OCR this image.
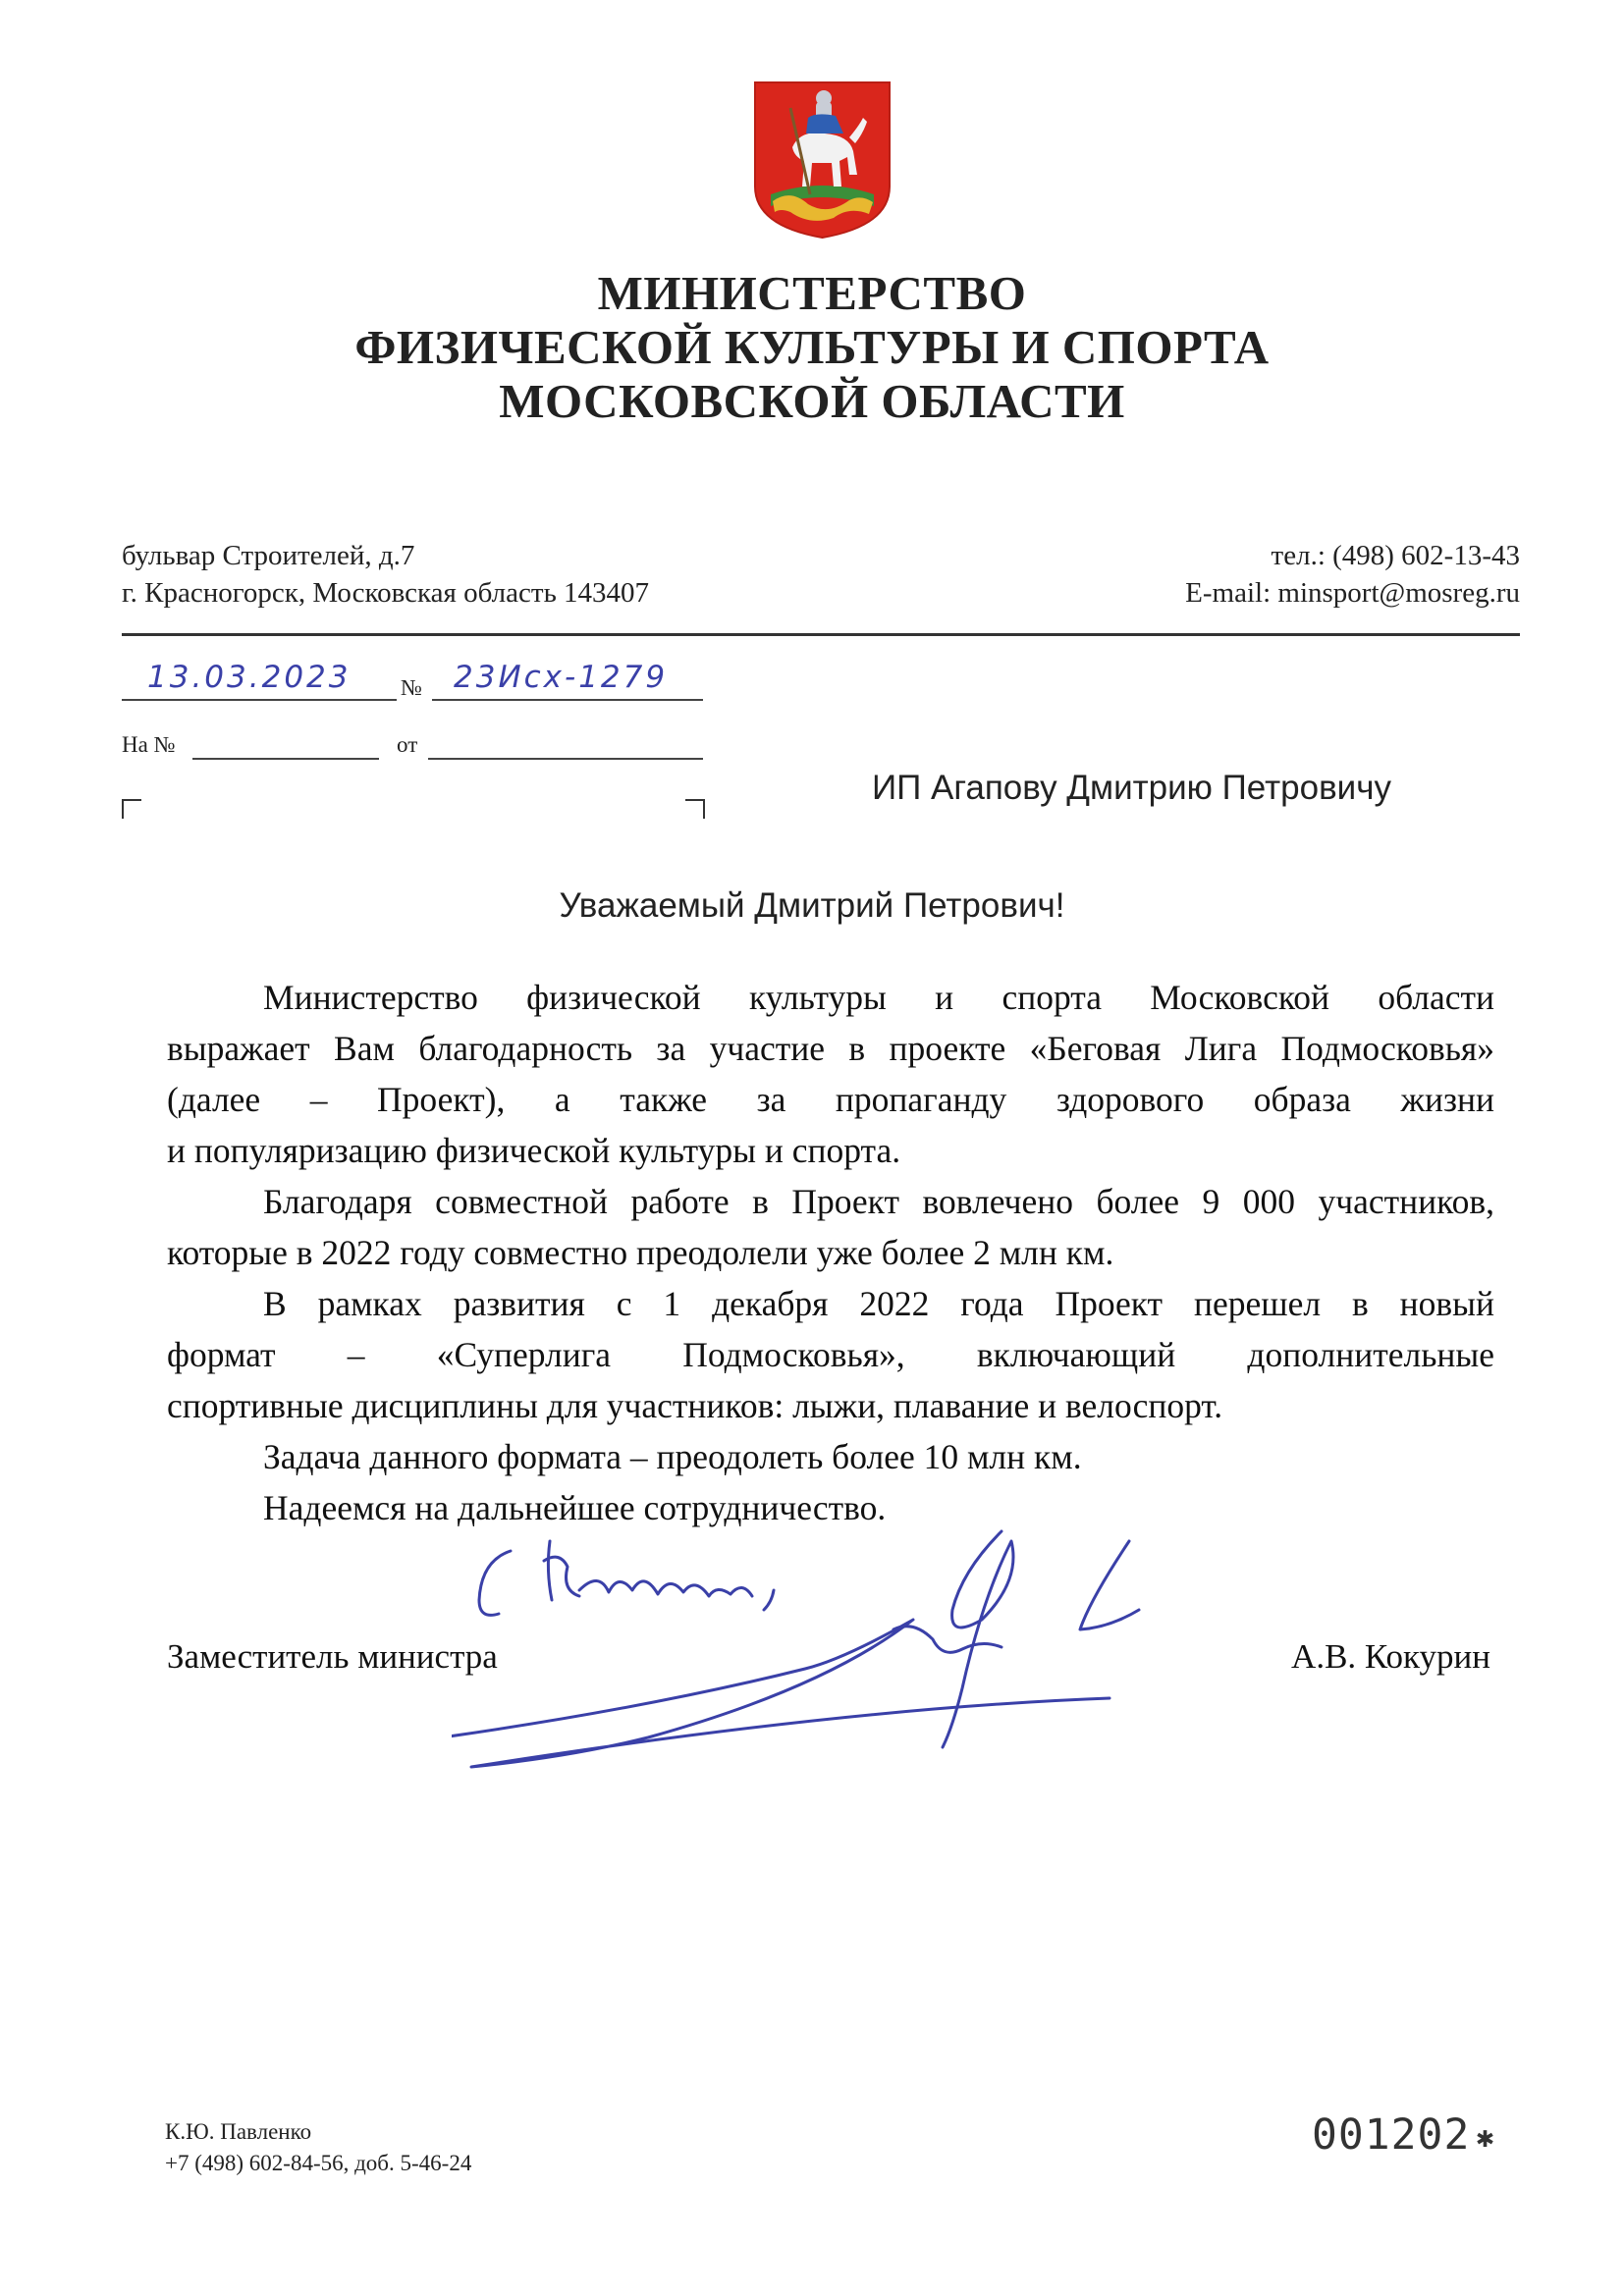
МИНИСТЕРСТВО
ФИЗИЧЕСКОЙ КУЛЬТУРЫ И СПОРТА
МОСКОВСКОЙ ОБЛАСТИ
бульвар Строителей, д.7
г. Красногорск, Московская область 143407
тел.: (498) 602-13-43
E-mail: minsport@mosreg.ru
13.03.2023 № 23Исх-1279
На №	от
ИП Агапову Дмитрию Петровичу
Уважаемый Дмитрий Петрович!

Министерство физической культуры и спорта Московской области

выражает Вам благодарность за участие в проекте «Беговая Лига Подмосковья»

(далее – Проект), а также за пропаганду здорового образа жизни

и популяризацию физической культуры и спорта.

Благодаря совместной работе в Проект вовлечено более 9 000 участников,

которые в 2022 году совместно преодолели уже более 2 млн км.

В рамках развития с 1 декабря 2022 года Проект перешел в новый

формат – «Суперлига Подмосковья», включающий дополнительные

спортивные дисциплины для участников: лыжи, плавание и велоспорт.

Задача данного формата – преодолеть более 10 млн км.

Надеемся на дальнейшее сотрудничество.

Заместитель министра	А.В. Кокурин
К.Ю. Павленко
+7 (498) 602-84-56, доб. 5-46-24
001202 ✱
